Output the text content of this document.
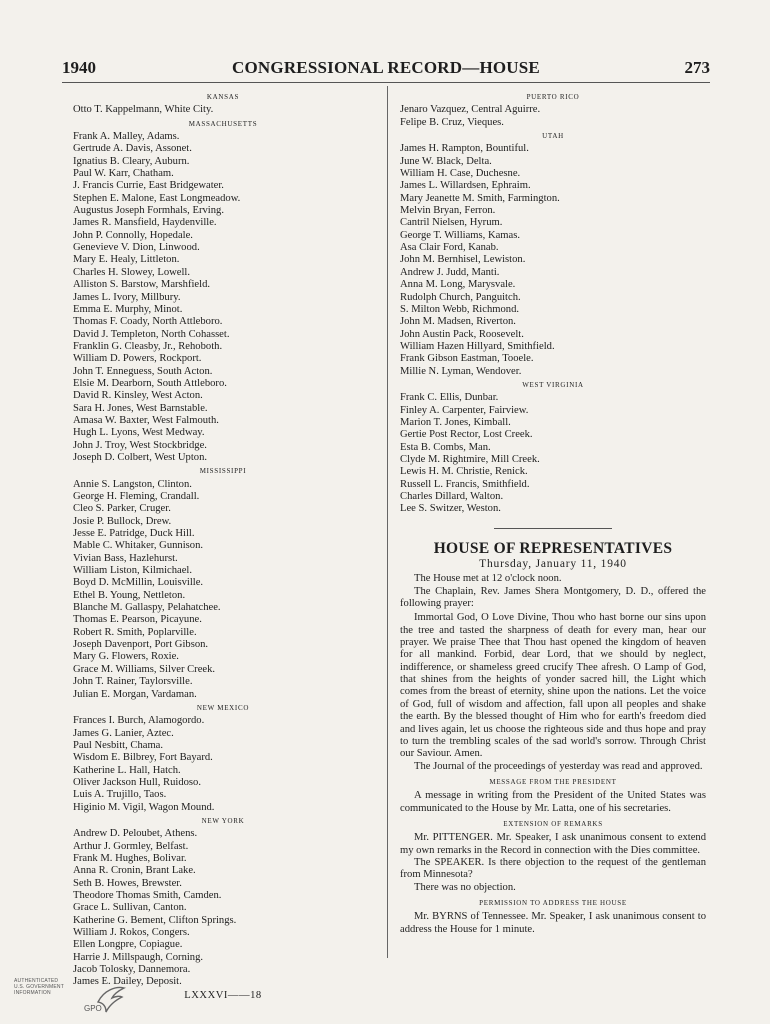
1940	CONGRESSIONAL RECORD—HOUSE	273
KANSAS
Otto T. Kappelmann, White City.
MASSACHUSETTS
Frank A. Malley, Adams.
Gertrude A. Davis, Assonet.
Ignatius B. Cleary, Auburn.
Paul W. Karr, Chatham.
J. Francis Currie, East Bridgewater.
Stephen E. Malone, East Longmeadow.
Augustus Joseph Formhals, Erving.
James R. Mansfield, Haydenville.
John P. Connolly, Hopedale.
Genevieve V. Dion, Linwood.
Mary E. Healy, Littleton.
Charles H. Slowey, Lowell.
Alliston S. Barstow, Marshfield.
James L. Ivory, Millbury.
Emma E. Murphy, Minot.
Thomas F. Coady, North Attleboro.
David J. Templeton, North Cohasset.
Franklin G. Cleasby, Jr., Rehoboth.
William D. Powers, Rockport.
John T. Enneguess, South Acton.
Elsie M. Dearborn, South Attleboro.
David R. Kinsley, West Acton.
Sara H. Jones, West Barnstable.
Amasa W. Baxter, West Falmouth.
Hugh L. Lyons, West Medway.
John J. Troy, West Stockbridge.
Joseph D. Colbert, West Upton.
MISSISSIPPI
Annie S. Langston, Clinton.
George H. Fleming, Crandall.
Cleo S. Parker, Cruger.
Josie P. Bullock, Drew.
Jesse E. Patridge, Duck Hill.
Mable C. Whitaker, Gunnison.
Vivian Bass, Hazlehurst.
William Liston, Kilmichael.
Boyd D. McMillin, Louisville.
Ethel B. Young, Nettleton.
Blanche M. Gallaspy, Pelahatchee.
Thomas E. Pearson, Picayune.
Robert R. Smith, Poplarville.
Joseph Davenport, Port Gibson.
Mary G. Flowers, Roxie.
Grace M. Williams, Silver Creek.
John T. Rainer, Taylorsville.
Julian E. Morgan, Vardaman.
NEW MEXICO
Frances I. Burch, Alamogordo.
James G. Lanier, Aztec.
Paul Nesbitt, Chama.
Wisdom E. Bilbrey, Fort Bayard.
Katherine L. Hall, Hatch.
Oliver Jackson Hull, Ruidoso.
Luis A. Trujillo, Taos.
Higinio M. Vigil, Wagon Mound.
NEW YORK
Andrew D. Peloubet, Athens.
Arthur J. Gormley, Belfast.
Frank M. Hughes, Bolivar.
Anna R. Cronin, Brant Lake.
Seth B. Howes, Brewster.
Theodore Thomas Smith, Camden.
Grace L. Sullivan, Canton.
Katherine G. Bement, Clifton Springs.
William J. Rokos, Congers.
Ellen Longpre, Copiague.
Harrie J. Millspaugh, Corning.
Jacob Tolosky, Dannemora.
James E. Dailey, Deposit.
LXXXVI——18
PUERTO RICO
Jenaro Vazquez, Central Aguirre.
Felipe B. Cruz, Vieques.
UTAH
James H. Rampton, Bountiful.
June W. Black, Delta.
William H. Case, Duchesne.
James L. Willardsen, Ephraim.
Mary Jeanette M. Smith, Farmington.
Melvin Bryan, Ferron.
Cantril Nielsen, Hyrum.
George T. Williams, Kamas.
Asa Clair Ford, Kanab.
John M. Bernhisel, Lewiston.
Andrew J. Judd, Manti.
Anna M. Long, Marysvale.
Rudolph Church, Panguitch.
S. Milton Webb, Richmond.
John M. Madsen, Riverton.
John Austin Pack, Roosevelt.
William Hazen Hillyard, Smithfield.
Frank Gibson Eastman, Tooele.
Millie N. Lyman, Wendover.
WEST VIRGINIA
Frank C. Ellis, Dunbar.
Finley A. Carpenter, Fairview.
Marion T. Jones, Kimball.
Gertie Post Rector, Lost Creek.
Esta B. Combs, Man.
Clyde M. Rightmire, Mill Creek.
Lewis H. M. Christie, Renick.
Russell L. Francis, Smithfield.
Charles Dillard, Walton.
Lee S. Switzer, Weston.
HOUSE OF REPRESENTATIVES
Thursday, January 11, 1940

The House met at 12 o'clock noon.

The Chaplain, Rev. James Shera Montgomery, D. D., offered the following prayer:

Immortal God, O Love Divine, Thou who hast borne our sins upon the tree and tasted the sharpness of death for every man, hear our prayer. We praise Thee that Thou hast opened the kingdom of heaven for all mankind. Forbid, dear Lord, that we should by neglect, indifference, or shameless greed crucify Thee afresh. O Lamp of God, that shines from the heights of yonder sacred hill, the Light which comes from the breast of eternity, shine upon the nations. Let the voice of God, full of wisdom and affection, fall upon all peoples and shake the earth. By the blessed thought of Him who for earth's freedom died and lives again, let us choose the righteous side and thus hope and pray to turn the trembling scales of the sad world's sorrow. Through Christ our Saviour. Amen.

The Journal of the proceedings of yesterday was read and approved.

MESSAGE FROM THE PRESIDENT

A message in writing from the President of the United States was communicated to the House by Mr. Latta, one of his secretaries.

EXTENSION OF REMARKS

Mr. PITTENGER. Mr. Speaker, I ask unanimous consent to extend my own remarks in the Record in connection with the Dies committee.

The SPEAKER. Is there objection to the request of the gentleman from Minnesota?

There was no objection.

PERMISSION TO ADDRESS THE HOUSE

Mr. BYRNS of Tennessee. Mr. Speaker, I ask unanimous consent to address the House for 1 minute.

AUTHENTICATED
U.S. GOVERNMENT
INFORMATION
GPO
